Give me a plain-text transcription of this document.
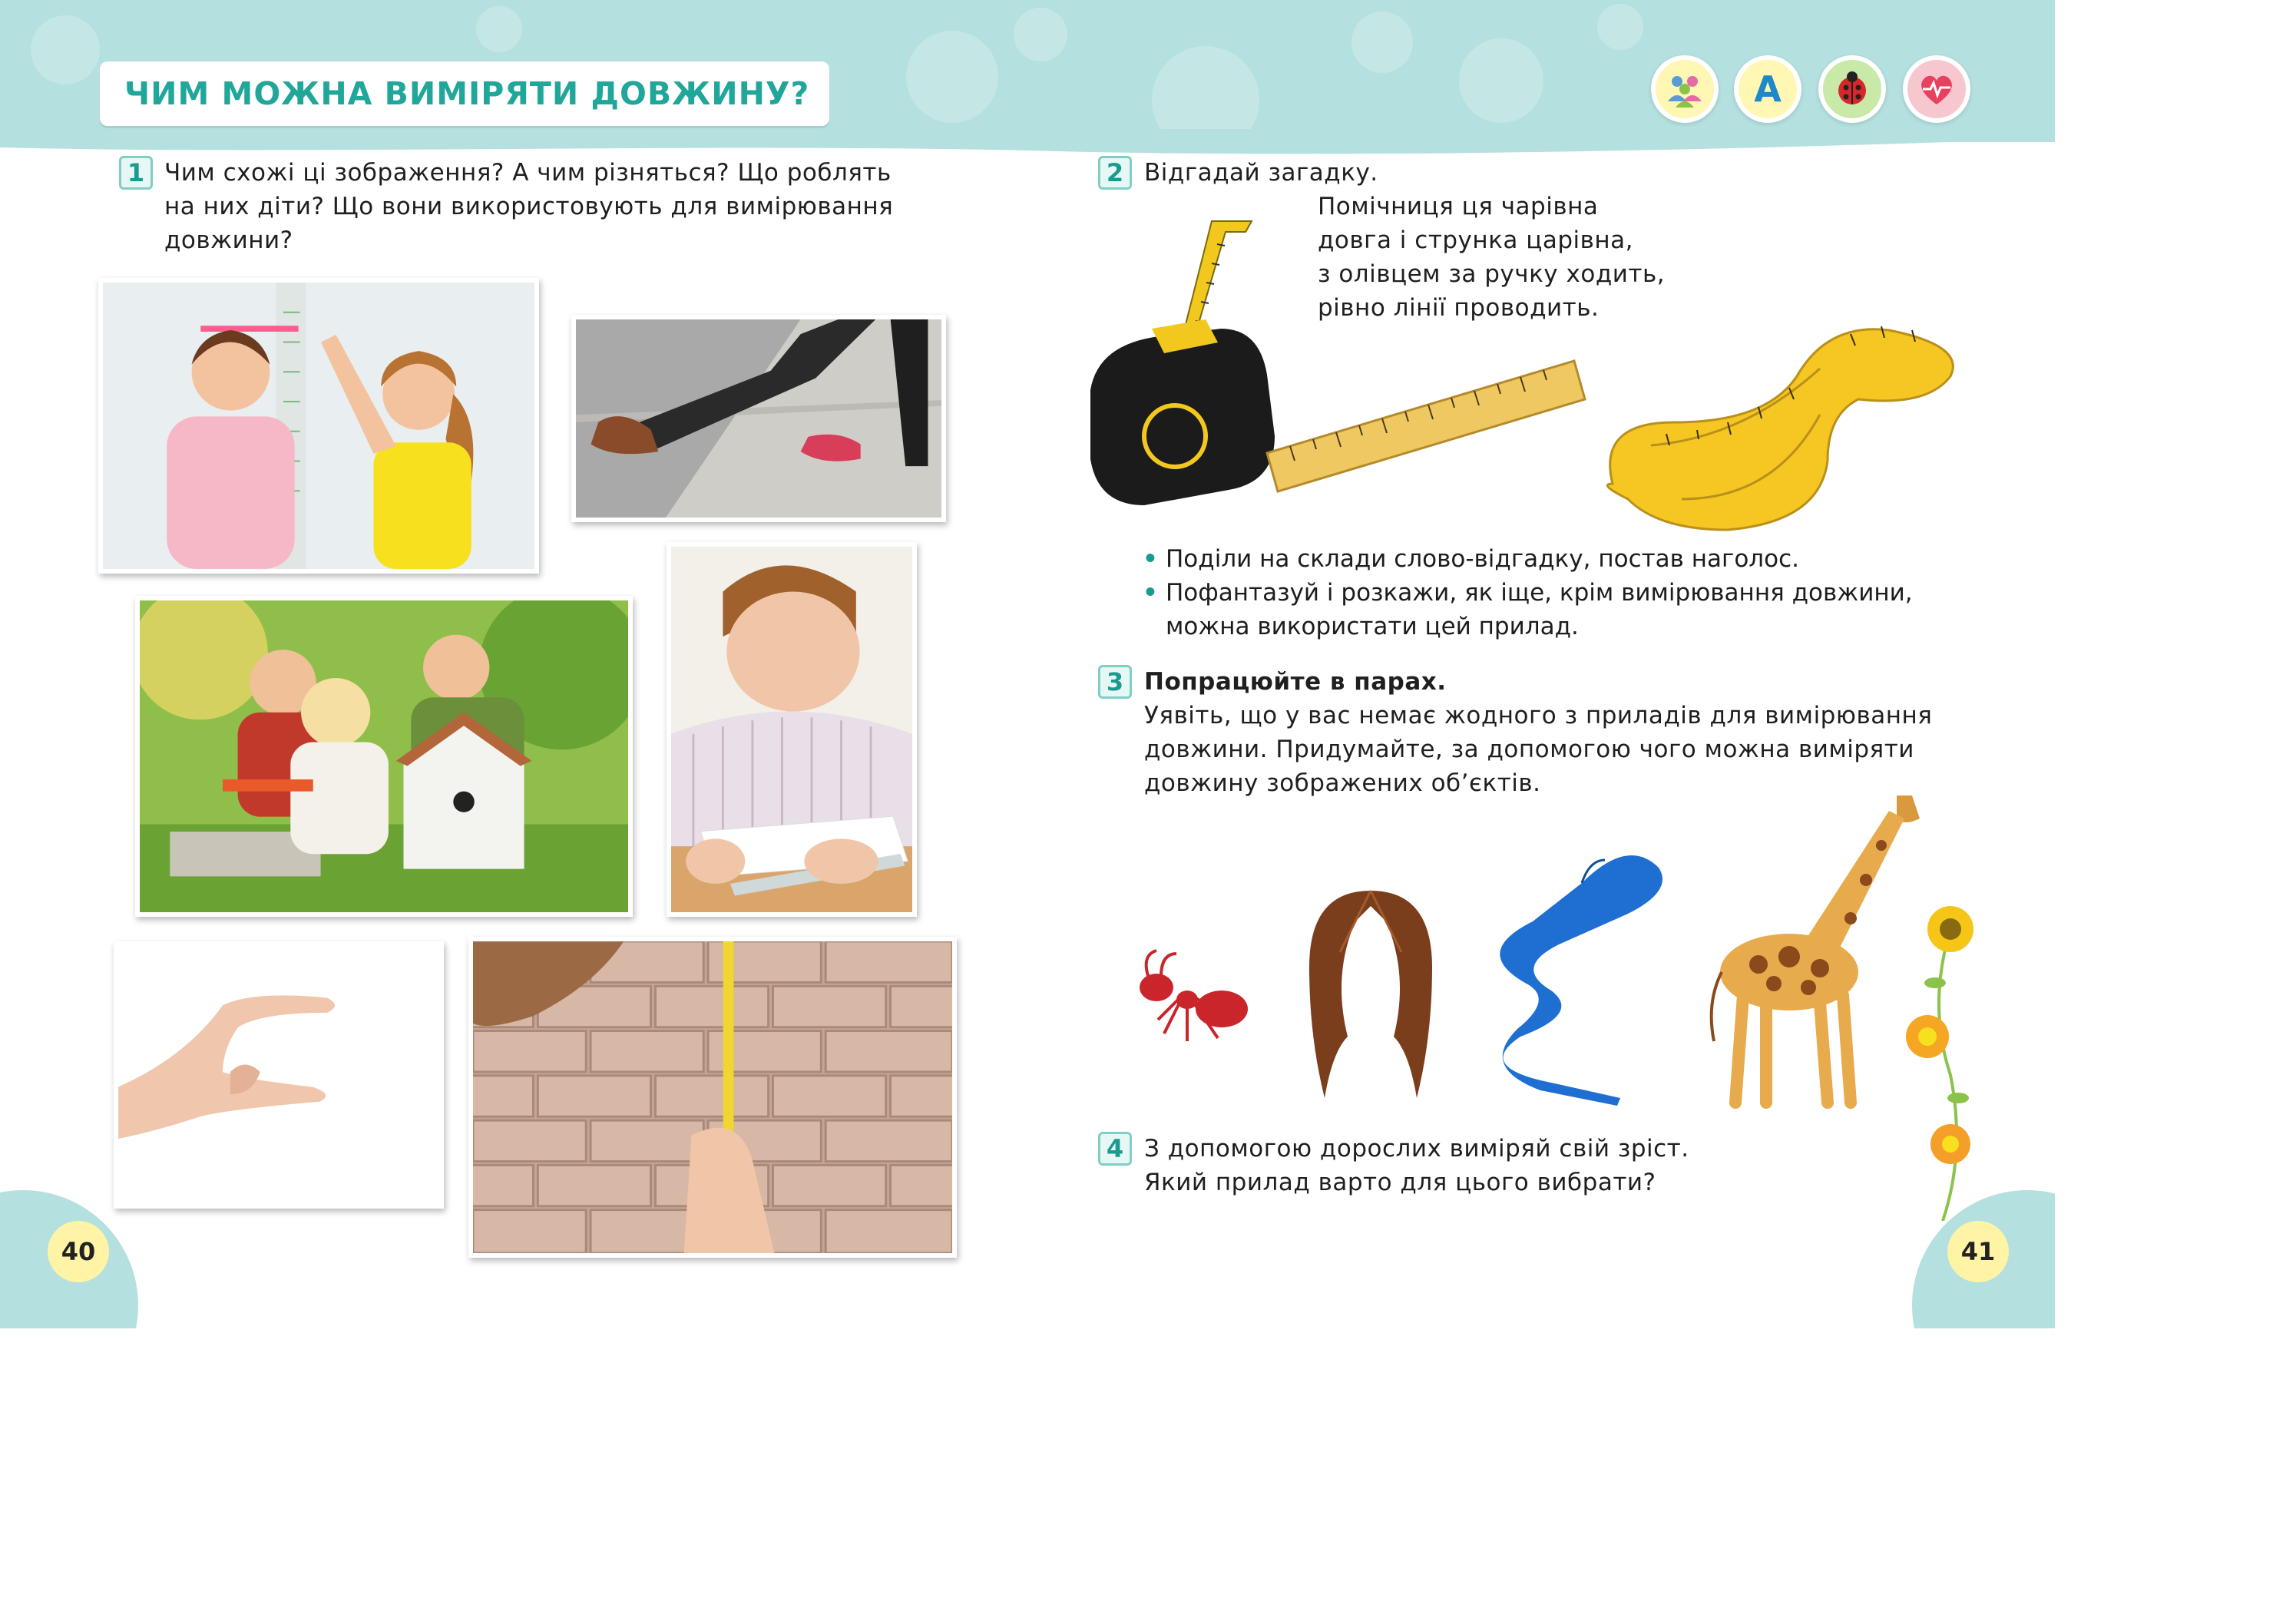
ЧИМ МОЖНА ВИМІРЯТИ ДОВЖИНУ?	A
1 Чим схожі ці зображення? А чим різняться? Що роблять
на них діти? Що вони використовують для вимірювання
довжини?
40
2 Відгадай загадку.
Помічниця ця чарівна
довга і струнка царівна,
з олівцем за ручку ходить,
рівно лінії проводить.
• Поділи на склади слово-відгадку, постав наголос.
• Пофантазуй і розкажи, як іще, крім вимірювання довжини,
можна використати цей прилад.
3 Попрацюйте в парах.
Уявіть, що у вас немає жодного з приладів для вимірювання
довжини. Придумайте, за допомогою чого можна виміряти
довжину зображених об’єктів.
4 З допомогою дорослих виміряй свій зріст.
Який прилад варто для цього вибрати?
41
